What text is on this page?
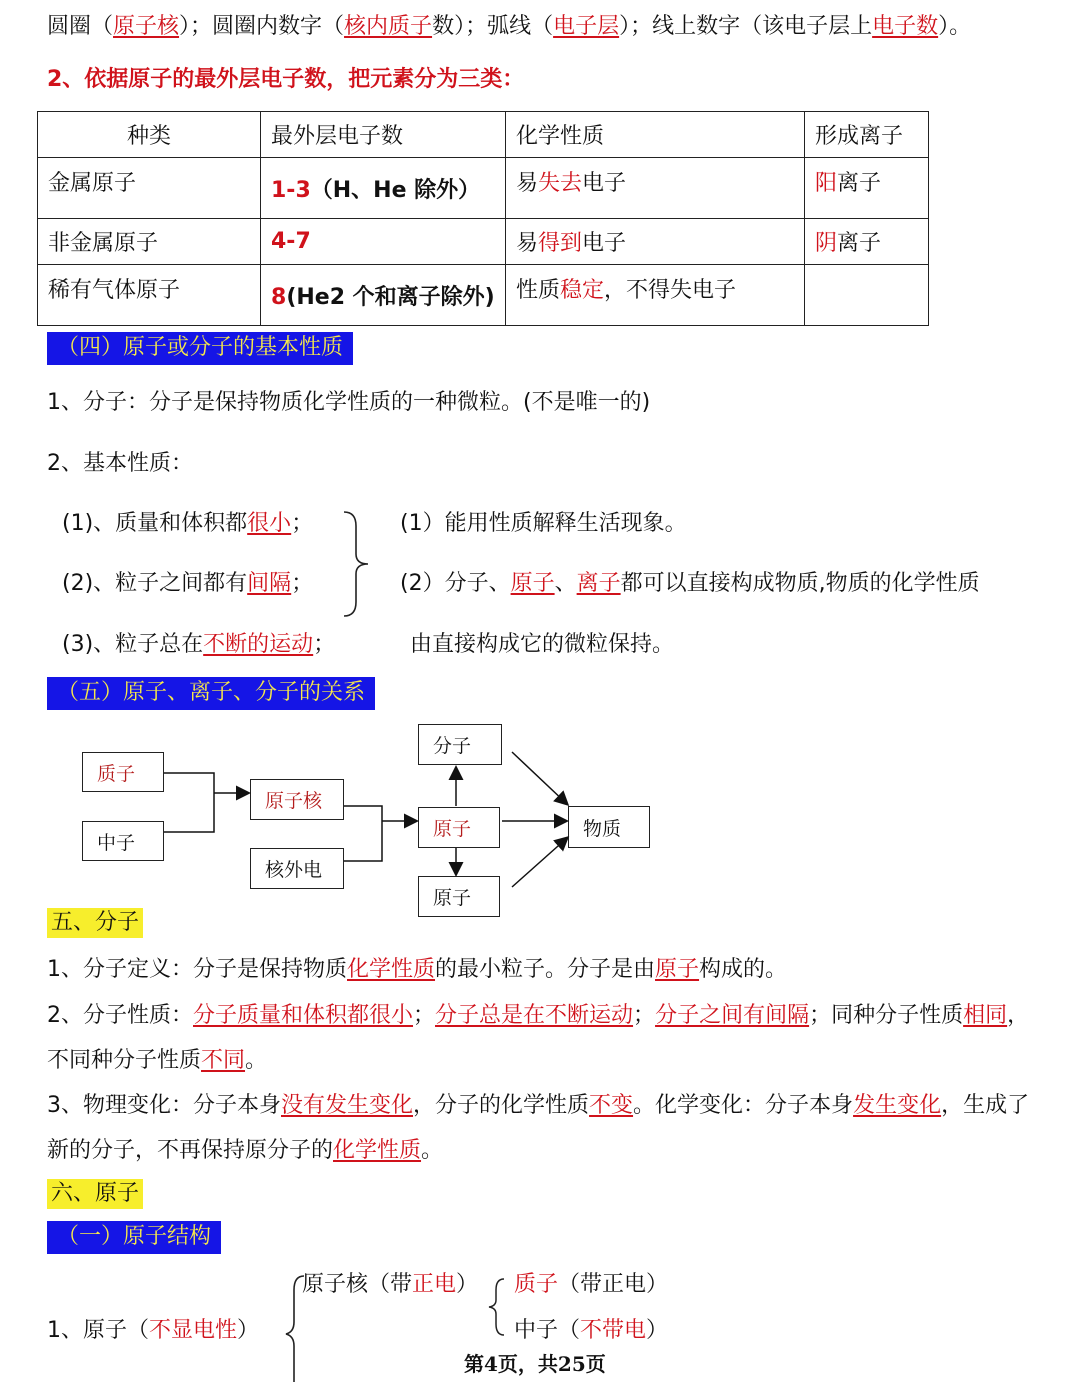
圆圈（原子核）；圆圈内数字（核内质子数）；弧线（电子层）；线上数字（该电子层上电子数）。
2、依据原子的最外层电子数，把元素分为三类：
种类	最外层电子数	化学性质	形成离子
金属原子	1-3（H、He 除外）	易失去电子	阳离子
非金属原子	4-7	易得到电子	阴离子
稀有气体原子	8(He2 个和离子除外)	性质稳定，不得失电子	
（四）原子或分子的基本性质
1、分子：分子是保持物质化学性质的一种微粒。(不是唯一的)
2、基本性质：
(1)、质量和体积都很小；
(2)、粒子之间都有间隔；
(3)、粒子总在不断的运动；
(1）能用性质解释生活现象。
(2）分子、原子、离子都可以直接构成物质,物质的化学性质
由直接构成它的微粒保持。
（五）原子、离子、分子的关系
质子
中子
原子核
核外电
分子
原子
原子
物质
五、分子
1、分子定义：分子是保持物质化学性质的最小粒子。分子是由原子构成的。
2、分子性质：分子质量和体积都很小；分子总是在不断运动；分子之间有间隔；同种分子性质相同，不同种分子性质不同。
3、物理变化：分子本身没有发生变化，分子的化学性质不变。化学变化：分子本身发生变化，生成了新的分子，不再保持原分子的化学性质。
六、原子
（一）原子结构
1、原子（不显电性）
原子核（带正电） 质子（带正电）
中子（不带电）
第4页，共25页
